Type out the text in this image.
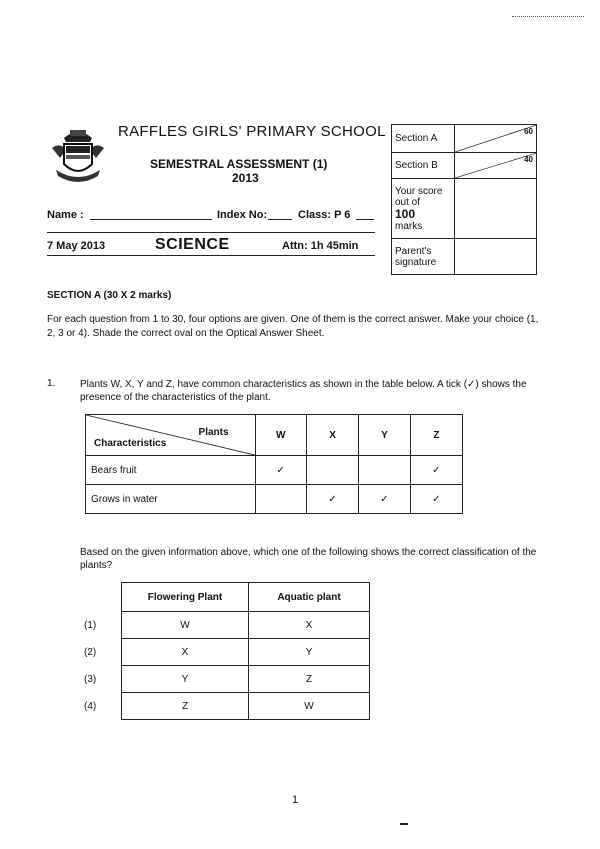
RAFFLES GIRLS' PRIMARY SCHOOL
SEMESTRAL ASSESSMENT (1)
2013
Name :	Index No:	Class: P 6
7 May 2013	SCIENCE	Attn: 1h 45min
Section A	60

Section B	40

Your score out of
100
marks	
Parent's signature	
SECTION A (30 X 2 marks)
For each question from 1 to 30, four options are given. One of them is the correct answer. Make your choice (1, 2, 3 or 4). Shade the correct oval on the Optical Answer Sheet.
1. Plants W, X, Y and Z, have common characteristics as shown in the table below. A tick (✓) shows the presence of the characteristics of the plant.
Plants
Characteristics	W	X	Y	Z
Bears fruit	✓			✓
Grows in water		✓	✓	✓
Based on the given information above, which one of the following shows the correct classification of the plants?
	Flowering Plant	Aquatic plant
(1)	W	X
(2)	X	Y
(3)	Y	Z
(4)	Z	W
1
